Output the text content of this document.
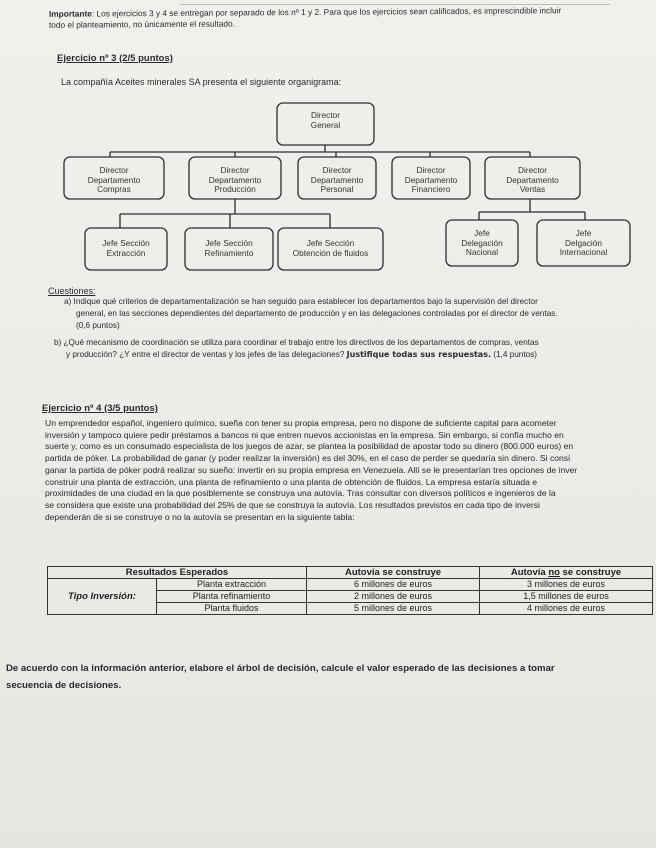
Importante: Los ejercicios 3 y 4 se entregan por separado de los nº 1 y 2. Para que los ejercicios sean calificados, es imprescindible incluir
todo el planteamiento, no únicamente el resultado.
Ejercicio nº 3 (2/5 puntos)
La compañía Aceites minerales SA presenta el siguiente organigrama:
Director
General
Director
Departamento
Compras
Director
Departamento
Producción
Director
Departamento
Personal
Director
Departamento
Financiero
Director
Departamento
Ventas
Jefe Sección
Extracción
Jefe Sección
Refinamiento
Jefe Sección
Obtención de fluidos
Jefe
Delegación
Nacional
Jefe
Delgación
Internacional
Cuestiones:
a) Indique qué criterios de departamentalización se han seguido para establecer los departamentos bajo la supervisión del director
general, en las secciones dependientes del departamento de producción y en las delegaciones controladas por el director de ventas.
(0,6 puntos)
b) ¿Qué mecanismo de coordinación se utiliza para coordinar el trabajo entre los directivos de los departamentos de compras, ventas
y producción? ¿Y entre el director de ventas y los jefes de las delegaciones? Justifique todas sus respuestas. (1,4 puntos)
Ejercicio nº 4 (3/5 puntos)
Un emprendedor español, ingeniero químico, sueña con tener su propia empresa, pero no dispone de suficiente capital para acometer
inversión y tampoco quiere pedir préstamos a bancos ni que entren nuevos accionistas en la empresa. Sin embargo, si confía mucho en
suerte y, como es un consumado especialista de los juegos de azar, se plantea la posibilidad de apostar todo su dinero (800.000 euros) en
partida de póker. La probabilidad de ganar (y poder realizar la inversión) es del 30%, en el caso de perder se quedaría sin dinero. Si consi
ganar la partida de póker podrá realizar su sueño: invertir en su propia empresa en Venezuela. Allí se le presentarían tres opciones de inver
construir una planta de extracción, una planta de refinamiento o una planta de obtención de fluidos. La empresa estaría situada e
proximidades de una ciudad en la que posiblemente se construya una autovía. Tras consultar con diversos políticos e ingenieros de la
se considera que existe una probabilidad del 25% de que se construya la autovía. Los resultados previstos en cada tipo de inversi
dependerán de si se construye o no la autovía se presentan en la siguiente tabla:
Resultados Esperados		Autovía se construye	Autovía no se construye
Tipo Inversión:	Planta extracción	6 millones de euros	3 millones de euros
	Planta refinamiento	2 millones de euros	1,5 millones de euros
	Planta fluidos	5 millones de euros	4 millones de euros
De acuerdo con la información anterior, elabore el árbol de decisión, calcule el valor esperado de las decisiones a tomar
secuencia de decisiones.
